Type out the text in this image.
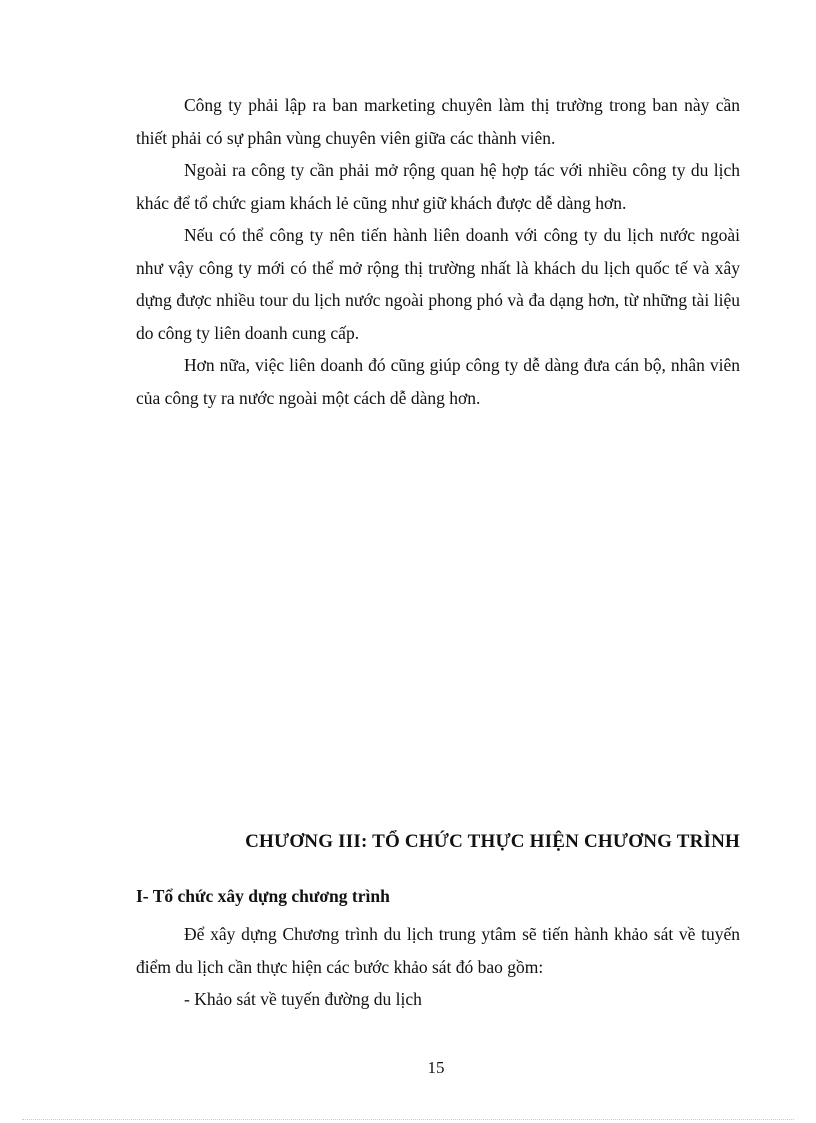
Công ty phải lập ra ban marketing chuyên làm thị trường trong ban này cần thiết phải có sự phân vùng chuyên viên giữa các thành viên.

Ngoài ra công ty cần phải mở rộng quan hệ hợp tác với nhiều công ty du lịch khác để tổ chức giam khách lẻ cũng như giữ khách được dễ dàng hơn.

Nếu có thể công ty nên tiến hành liên doanh với công ty du lịch nước ngoài như vậy công ty mới có thể mở rộng thị trường nhất là khách du lịch quốc tế và xây dựng được nhiều tour du lịch nước ngoài phong phó và đa dạng hơn, từ những tài liệu do công ty liên doanh cung cấp.

Hơn nữa, việc liên doanh đó cũng giúp công ty dễ dàng đưa cán bộ, nhân viên của công ty ra nước ngoài một cách dễ dàng hơn.

CHƯƠNG III: TỔ CHỨC THỰC HIỆN CHƯƠNG TRÌNH
I- Tổ chức xây dựng chương trình

Để xây dựng Chương trình du lịch trung ytâm sẽ tiến hành khảo sát về tuyến điểm du lịch cần thực hiện các bước khảo sát đó bao gồm:

- Khảo sát về tuyến đường du lịch

15
